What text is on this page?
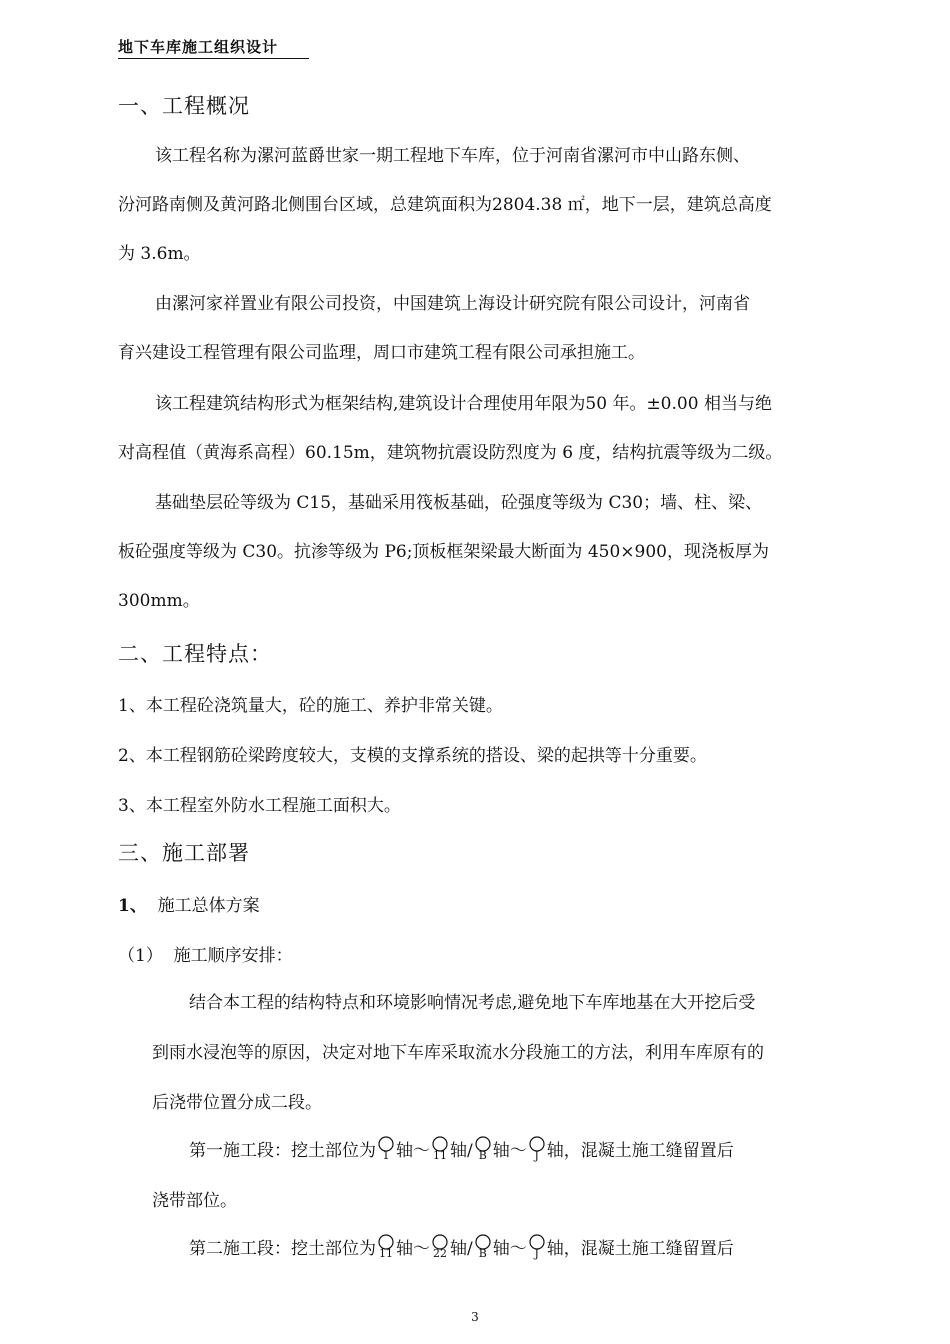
地下车库施工组织设计
一、工程概况
该工程名称为漯河蓝爵世家一期工程地下车库，位于河南省漯河市中山路东侧、
汾河路南侧及黄河路北侧围台区域，总建筑面积为2804.38 ㎡，地下一层，建筑总高度
为 3.6m。
由漯河家祥置业有限公司投资，中国建筑上海设计研究院有限公司设计，河南省
育兴建设工程管理有限公司监理，周口市建筑工程有限公司承担施工。
该工程建筑结构形式为框架结构,建筑设计合理使用年限为50 年。±0.00 相当与绝
对高程值（黄海系高程）60.15m，建筑物抗震设防烈度为 6 度，结构抗震等级为二级。
基础垫层砼等级为 C15，基础采用筏板基础，砼强度等级为 C30；墙、柱、梁、
板砼强度等级为 C30。抗渗等级为 P6;顶板框架梁最大断面为 450×900，现浇板厚为
300mm。
二、工程特点：
1、本工程砼浇筑量大，砼的施工、养护非常关键。
2、本工程钢筋砼梁跨度较大，支模的支撑系统的搭设、梁的起拱等十分重要。
3、本工程室外防水工程施工面积大。
三、施工部署
1、 施工总体方案
（1）  施工顺序安排：
结合本工程的结构特点和环境影响情况考虑,避免地下车库地基在大开挖后受
到雨水浸泡等的原因，决定对地下车库采取流水分段施工的方法，利用车库原有的
后浇带位置分成二段。
第一施工段：挖土部位为 1 轴～ 11 轴/ B 轴～ J 轴，混凝土施工缝留置后
浇带部位。
第二施工段：挖土部位为 11 轴～ 22 轴/ B 轴～ J 轴，混凝土施工缝留置后
3
